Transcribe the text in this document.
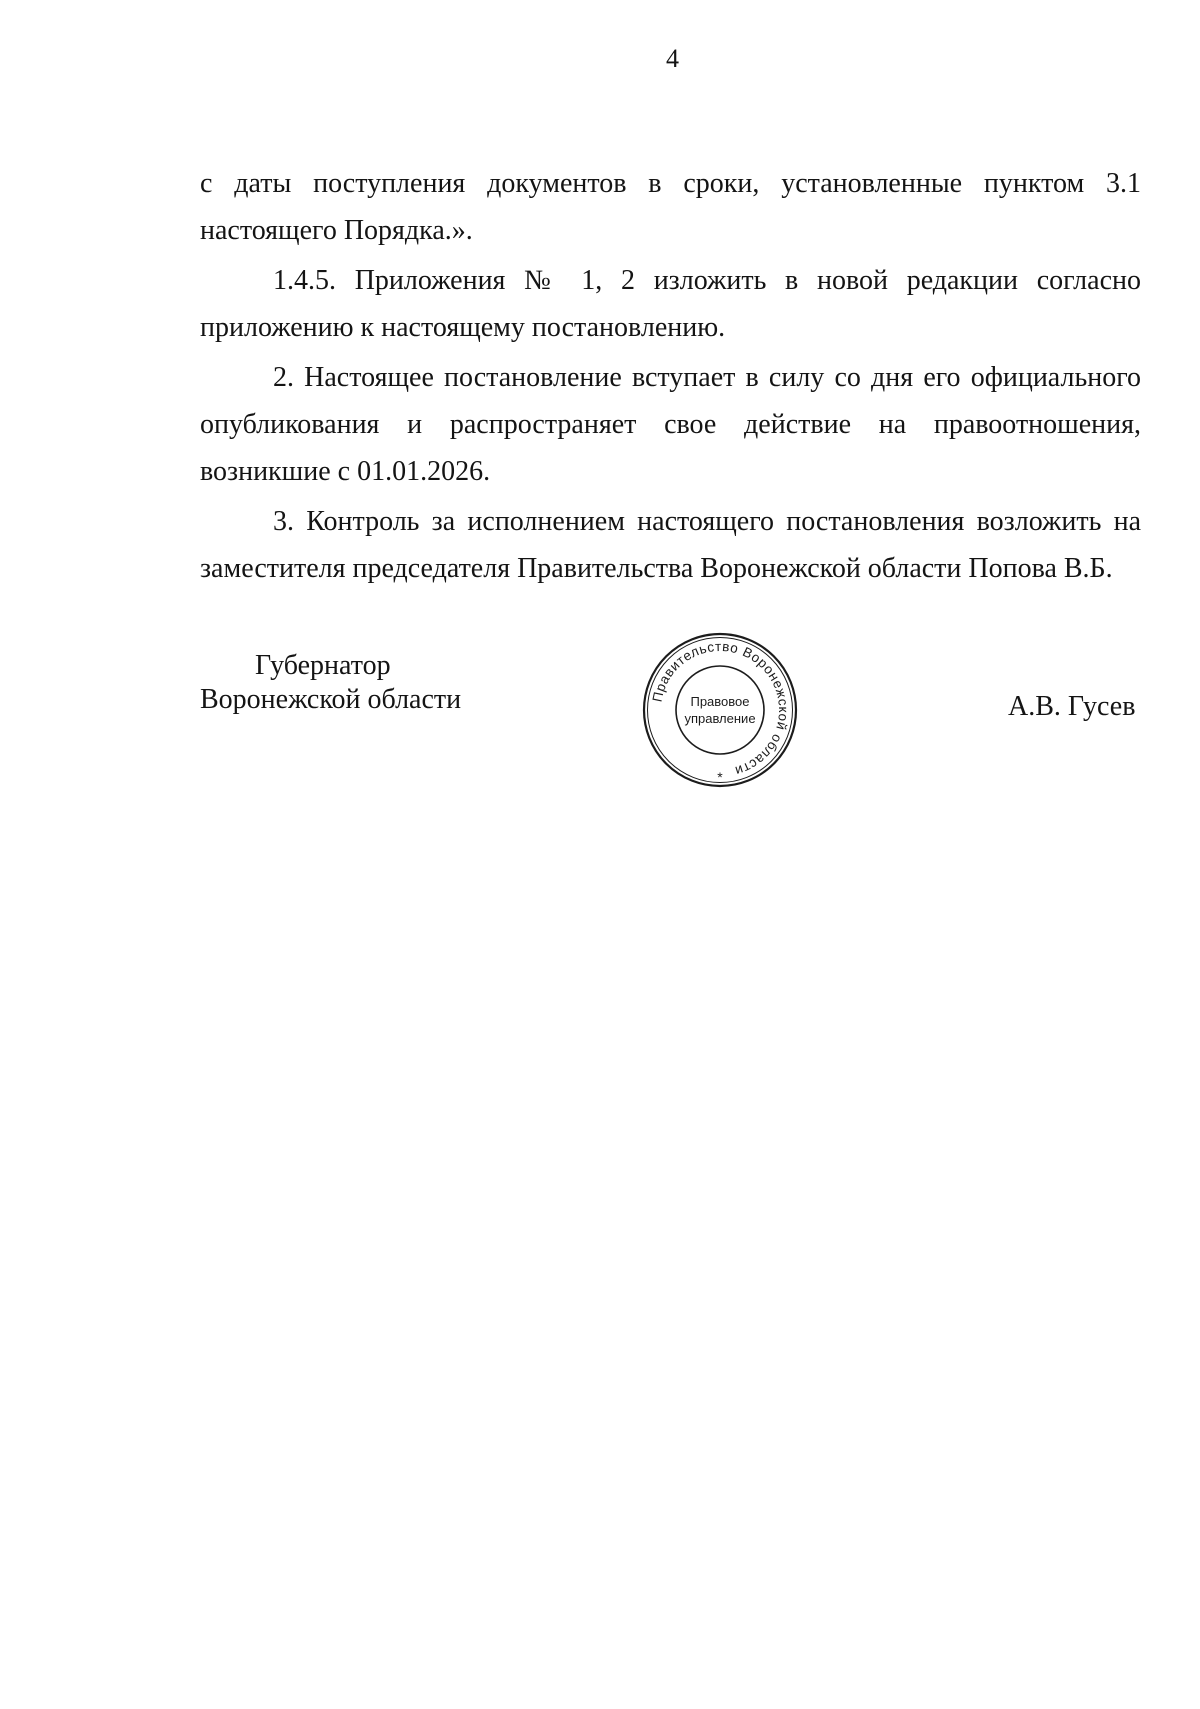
4

с даты поступления документов в сроки, установленные пунктом 3.1 настоящего Порядка.».

1.4.5. Приложения № 1, 2 изложить в новой редакции согласно приложению к настоящему постановлению.

2. Настоящее постановление вступает в силу со дня его официального опубликования и распространяет свое действие на правоотношения, возникшие с 01.01.2026.

3. Контроль за исполнением настоящего постановления возложить на заместителя председателя Правительства Воронежской области Попова В.Б.

Губернатор
Воронежской области	Правительство Воронежской области
Правовое
управление
*
А.В. Гусев
